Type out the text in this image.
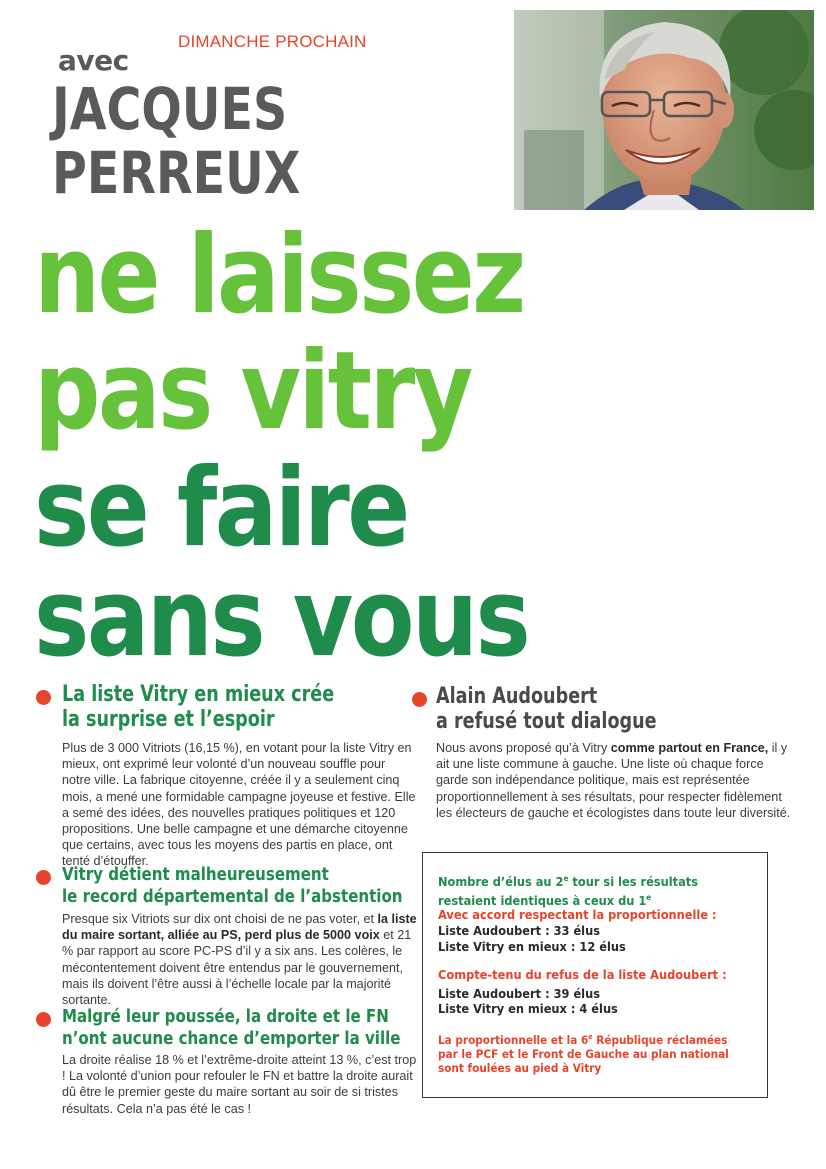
DIMANCHE PROCHAIN
avec
JACQUES
PERREUX
ne laissez
pas vitry
se faire
sans vous
La liste Vitry en mieux crée
la surprise et l’espoir
Plus de 3 000 Vitriots (16,15 %), en votant pour la liste Vitry en mieux, ont exprimé leur volonté d’un nouveau souffle pour notre ville. La fabrique citoyenne, créée il y a seulement cinq mois, a mené une formidable campagne joyeuse et festive. Elle a semé des idées, des nouvelles pratiques politiques et 120 propositions. Une belle campagne et une démarche citoyenne que certains, avec tous les moyens des partis en place, ont tenté d’étouffer.
Vitry détient malheureusement
le record départemental de l’abstention
Presque six Vitriots sur dix ont choisi de ne pas voter, et la liste du maire sortant, alliée au PS, perd plus de 5000 voix et 21 % par rapport au score PC-PS d’il y a six ans. Les colères, le mécontentement doivent être entendus par le gouvernement, mais ils doivent l’être aussi à l’échelle locale par la majorité sortante.
Malgré leur poussée, la droite et le FN
n’ont aucune chance d’emporter la ville
La droite réalise 18 % et l’extrême-droite atteint 13 %, c’est trop ! La volonté d’union pour refouler le FN et battre la droite aurait dû être le premier geste du maire sortant au soir de si tristes résultats. Cela n’a pas été le cas !
Alain Audoubert
a refusé tout dialogue
Nous avons proposé qu’à Vitry comme partout en France, il y ait une liste commune à gauche. Une liste où chaque force garde son indépendance politique, mais est représentée proportionnellement à ses résultats, pour respecter fidèlement les électeurs de gauche et écologistes dans toute leur diversité.
Nombre d’élus au 2e tour si les résultats
restaient identiques à ceux du 1e
Avec accord respectant la proportionnelle :
Liste Audoubert : 33 élus
Liste Vitry en mieux : 12 élus
Compte-tenu du refus de la liste Audoubert :
Liste Audoubert : 39 élus
Liste Vitry en mieux : 4 élus
La proportionnelle et la 6e République réclamées
par le PCF et le Front de Gauche au plan national
sont foulées au pied à Vitry
